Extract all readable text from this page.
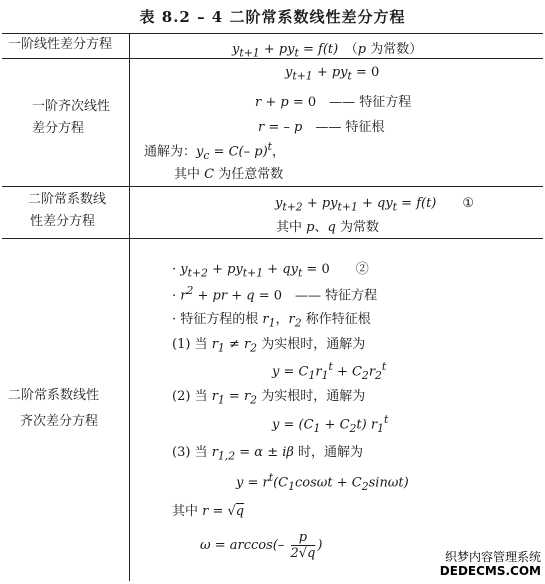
表 8.2 – 4 二阶常系数线性差分方程
一阶线性差分方程
一阶齐次线性
差分方程
二阶常系数线
性差分方程
二阶常系数线性
齐次差分方程
$y_{t+1} + py_t = f(t)$　（p 为常数）
$y_{t+1} + py_t = 0$
r + p = 0　—— 特征方程
r = – p　—— 特征根
通解为：$y_c = C(-$ p)$^t$，
其中 C 为任意常数
$y_{t+2} + py_{t+1} + qy_t = f(t)$　　①
其中 p、q 为常数
· $y_{t+2} + py_{t+1} + qy_t = 0$　　②
· $r^2$ + pr + q = 0　—— 特征方程
· 特征方程的根 $r_1$，$r_2$ 称作特征根
(1) 当 $r_1 \ne r_2$ 为实根时，通解为
$y = C_1r_1^t + C_2r_2^t$
(2) 当 $r_1 = r_2$ 为实根时，通解为
$y = (C_1 + C_2t)$ $r_1^t$
(3) 当 $r_{1,2} = \alpha \pm i\beta$ 时，通解为
$y = r^t(C_1\cos\omega t + C_2\sin\omega t)$
其中 r = √q
$\omega = \arccos(- \frac{p}{2√q}$ )
织梦内容管理系统
DEDECMS.COM
